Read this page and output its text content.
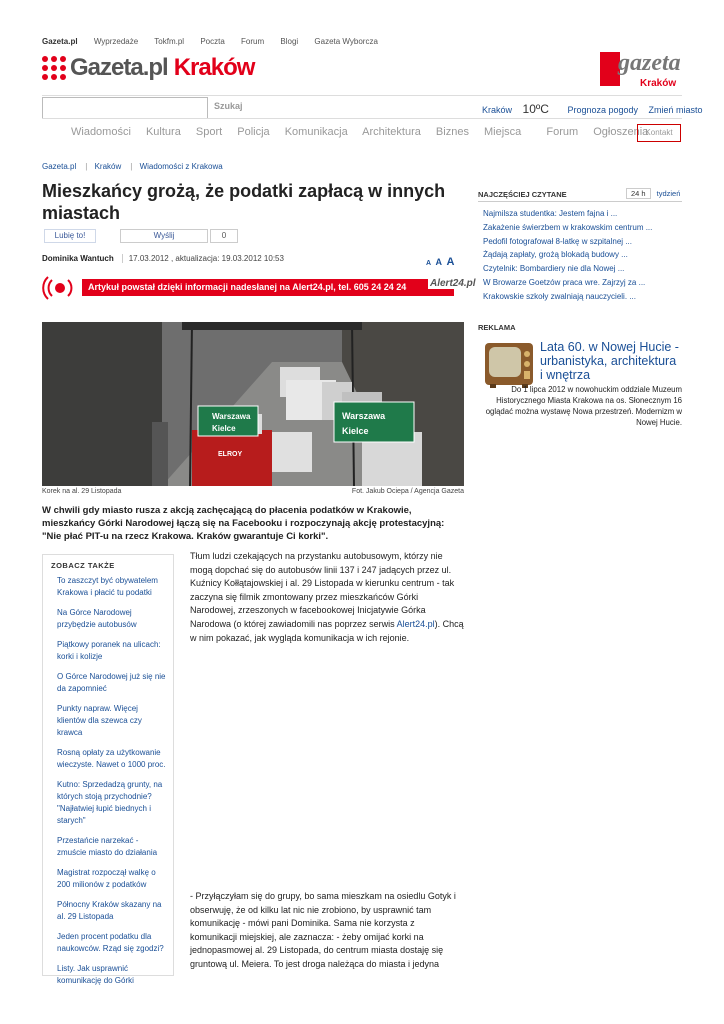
Gazeta.pl Wyprzedaże Tokfm.pl Poczta Forum Blogi Gazeta Wyborcza
Gazeta.pl Kraków	gazeta
Kraków
Szukaj	Kraków 10ºC Prognoza pogody Zmień miasto
Wiadomości Kultura Sport Policja Komunikacja Architektura Biznes Miejsca Forum Ogłoszenia
Kontakt
Gazeta.pl | Kraków | Wiadomości z Krakowa
Mieszkańcy grożą, że podatki zapłacą w innych miastach
Lubię to!	Wyślij	0
Dominika Wantuch 17.03.2012 , aktualizacja: 19.03.2012 10:53
A A A
Artykuł powstał dzięki informacji nadesłanej na Alert24.pl, tel. 605 24 24 24 Alert24.pl
Warszawa
Kielce
Warszawa
Kielce
ELROY
Korek na al. 29 Listopada	Fot. Jakub Ociepa / Agencja Gazeta
W chwili gdy miasto rusza z akcją zachęcającą do płacenia podatków w Krakowie, mieszkańcy Górki Narodowej łączą się na Facebooku i rozpoczynają akcję protestacyjną: "Nie płać PIT-u na rzecz Krakowa. Kraków gwarantuje Ci korki".
ZOBACZ TAKŻE
To zaszczyt być obywatelem Krakowa i płacić tu podatki
Na Górce Narodowej przybędzie autobusów
Piątkowy poranek na ulicach: korki i kolizje
O Górce Narodowej już się nie da zapomnieć
Punkty napraw. Więcej klientów dla szewca czy krawca
Rosną opłaty za użytkowanie wieczyste. Nawet o 1000 proc.
Kutno: Sprzedadzą grunty, na których stoją przychodnie? "Najłatwiej łupić biednych i starych"
Przestańcie narzekać - zmuście miasto do działania
Magistrat rozpoczął walkę o 200 milionów z podatków
Północny Kraków skazany na al. 29 Listopada
Jeden procent podatku dla naukowców. Rząd się zgodzi?
Listy. Jak usprawnić komunikację do Górki
Tłum ludzi czekających na przystanku autobusowym, którzy nie mogą dopchać się do autobusów linii 137 i 247 jadących przez ul. Kuźnicy Kołłątajowskiej i al. 29 Listopada w kierunku centrum - tak zaczyna się filmik zmontowany przez mieszkańców Górki Narodowej, zrzeszonych w facebookowej Inicjatywie Górka Narodowa (o której zawiadomili nas poprzez serwis Alert24.pl). Chcą w nim pokazać, jak wygląda komunikacja w ich rejonie.
- Przyłączyłam się do grupy, bo sama mieszkam na osiedlu Gotyk i obserwuję, że od kilku lat nic nie zrobiono, by usprawnić tam komunikację - mówi pani Dominika. Sama nie korzysta z komunikacji miejskiej, ale zaznacza: - żeby omijać korki na jednopasmowej al. 29 Listopada, do centrum miasta dostaję się gruntową ul. Meiera. To jest droga należąca do miasta i jedyna
NAJCZĘŚCIEJ CZYTANE	24 h tydzień
Najmilsza studentka: Jestem fajna i ...
Zakażenie świerzbem w krakowskim centrum ...
Pedofil fotografował 8-latkę w szpitalnej ...
Żądają zapłaty, grożą blokadą budowy ...
Czytelnik: Bombardiery nie dla Nowej ...
W Browarze Goetzów praca wre. Zajrzyj za ...
Krakowskie szkoły zwalniają nauczycieli. ...
REKLAMA
Lata 60. w Nowej Hucie - urbanistyka, architektura i wnętrza
Do 1 lipca 2012 w nowohuckim oddziale Muzeum Historycznego Miasta Krakowa na os. Słonecznym 16 oglądać można wystawę Nowa przestrzeń. Modernizm w Nowej Hucie.
